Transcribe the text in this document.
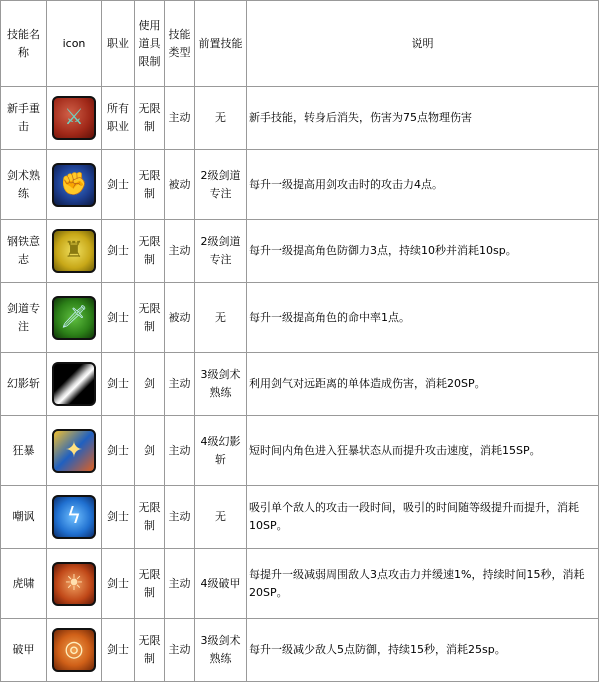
技能名称	icon	职业	使用道具限制	技能类型	前置技能	说明
新手重击	⚔	所有职业	无限制	主动	无	新手技能，转身后消失，伤害为75点物理伤害
剑术熟练	✊	剑士	无限制	被动	2级剑道专注	每升一级提高用剑攻击时的攻击力4点。
钢铁意志	♜	剑士	无限制	主动	2级剑道专注	每升一级提高角色防御力3点，持续10秒并消耗10sp。
剑道专注	🗡	剑士	无限制	被动	无	每升一级提高角色的命中率1点。
幻影斩		剑士	剑	主动	3级剑术熟练	利用剑气对远距离的单体造成伤害，消耗20SP。
狂暴	✦	剑士	剑	主动	4级幻影斩	短时间内角色进入狂暴状态从而提升攻击速度，消耗15SP。
嘲讽	ϟ	剑士	无限制	主动	无	吸引单个敌人的攻击一段时间，吸引的时间随等级提升而提升，消耗10SP。
虎啸	☀	剑士	无限制	主动	4级破甲	每提升一级减弱周围敌人3点攻击力并缓速1%，持续时间15秒，消耗20SP。
破甲	◎	剑士	无限制	主动	3级剑术熟练	每升一级减少敌人5点防御，持续15秒，消耗25sp。
